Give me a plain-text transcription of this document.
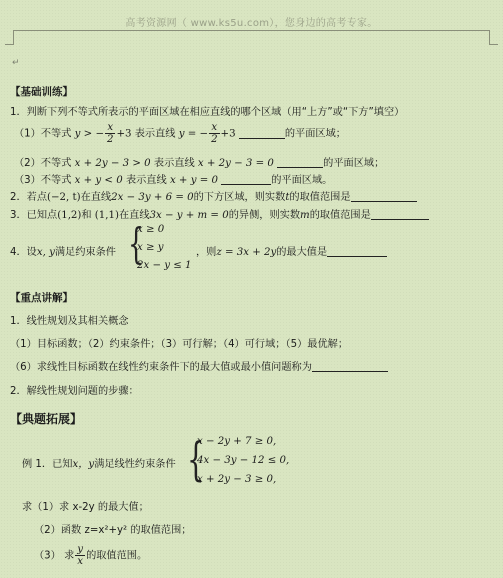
高考资源网（ www.ks5u.com），您身边的高考专家。
↵
【基础训练】
1．判断下列不等式所表示的平面区域在相应直线的哪个区域（用“上方”或“下方”填空）
（1）不等式 y > − $\frac{x}{2} +3$ 表示直线 y = − $\frac{x}{2} +3$	的平面区域；
（2）不等式 x + 2y − 3 > 0 表示直线 x + 2y − 3 = 0	的平面区域；
（3）不等式 x + y < 0 表示直线 x + y = 0	的平面区域。
2．若点(−2, t)在直线2x − 3y + 6 = 0的下方区域，则实数t的取值范围是
3．已知点(1,2)和 (1,1)在直线3x − y + m = 0的异侧，则实数m的取值范围是
4．设x, y满足约束条件 {
x ≥ 0
x ≥ y
2x − y ≤ 1
，则z = 3x + 2y的最大值是
【重点讲解】
1．线性规划及其相关概念
（1）目标函数；（2）约束条件；（3）可行解；（4）可行域；（5）最优解；
（6）求线性目标函数在线性约束条件下的最大值或最小值问题称为
2．解线性规划问题的步骤：
【典题拓展】
例 1．已知x，y满足线性约束条件 {
x − 2y + 7 ≥ 0,
4x − 3y − 12 ≤ 0,
x + 2y − 3 ≥ 0,
求（1）求 x-2y 的最大值；
（2）函数 z=x²+y² 的取值范围；
（3） 求 $\frac{y}{x}$ 的取值范围。
